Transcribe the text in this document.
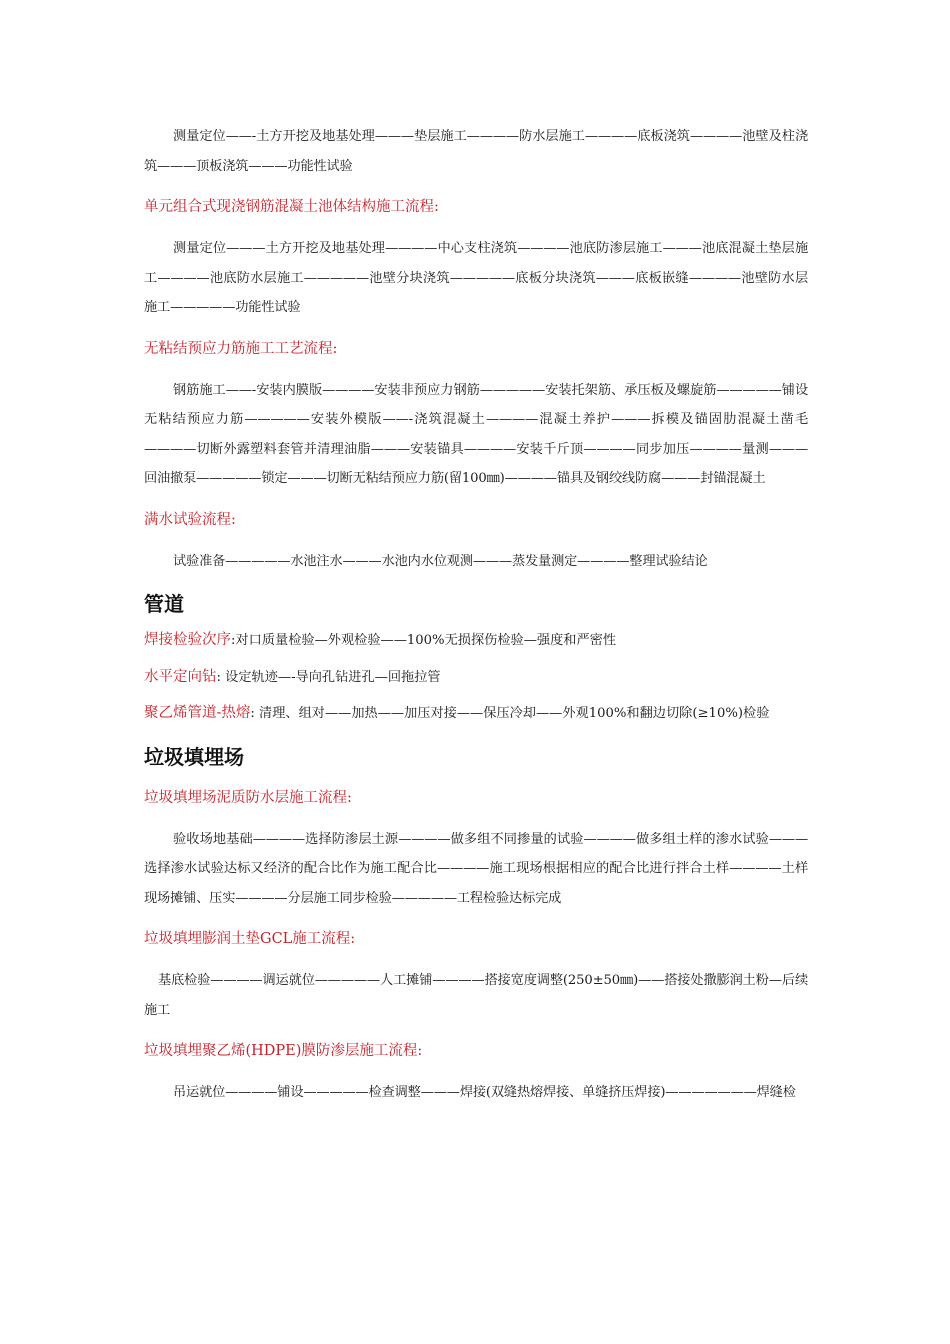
测量定位——-土方开挖及地基处理———垫层施工————防水层施工————底板浇筑————池壁及柱浇筑———顶板浇筑———功能性试验

单元组合式现浇钢筋混凝土池体结构施工流程:

测量定位———土方开挖及地基处理————中心支柱浇筑————池底防渗层施工———池底混凝土垫层施工————池底防水层施工—————池壁分块浇筑—————底板分块浇筑———底板嵌缝————池壁防水层施工—————功能性试验

无粘结预应力筋施工工艺流程:

钢筋施工——-安装内膜版————安装非预应力钢筋—————安装托架筋、承压板及螺旋筋—————铺设无粘结预应力筋—————安装外模版——-浇筑混凝土————混凝土养护———拆模及锚固肋混凝土凿毛————切断外露塑料套管并清理油脂———安装锚具————安装千斤顶————同步加压————量测———回油撤泵—————锁定———切断无粘结预应力筋(留100㎜)————锚具及钢绞线防腐———封锚混凝土

满水试验流程:

试验准备—————水池注水———水池内水位观测———蒸发量测定————整理试验结论

管道

焊接检验次序:对口质量检验—外观检验——100%无损探伤检验—强度和严密性

水平定向钻: 设定轨迹—-导向孔钻进孔—回拖拉管

聚乙烯管道-热熔: 清理、组对——加热——加压对接——保压冷却——外观100%和翻边切除(≥10%)检验

垃圾填埋场

垃圾填埋场泥质防水层施工流程:

验收场地基础————选择防渗层土源————做多组不同掺量的试验————做多组土样的渗水试验———选择渗水试验达标又经济的配合比作为施工配合比————施工现场根据相应的配合比进行拌合土样————土样现场摊铺、压实————分层施工同步检验—————工程检验达标完成

垃圾填埋膨润土垫GCL施工流程:

基底检验————调运就位—————人工摊铺————搭接宽度调整(250±50㎜)——搭接处撒膨润土粉—后续施工

垃圾填埋聚乙烯(HDPE)膜防渗层施工流程:

吊运就位————铺设—————检查调整———焊接(双缝热熔焊接、单缝挤压焊接)———————焊缝检
